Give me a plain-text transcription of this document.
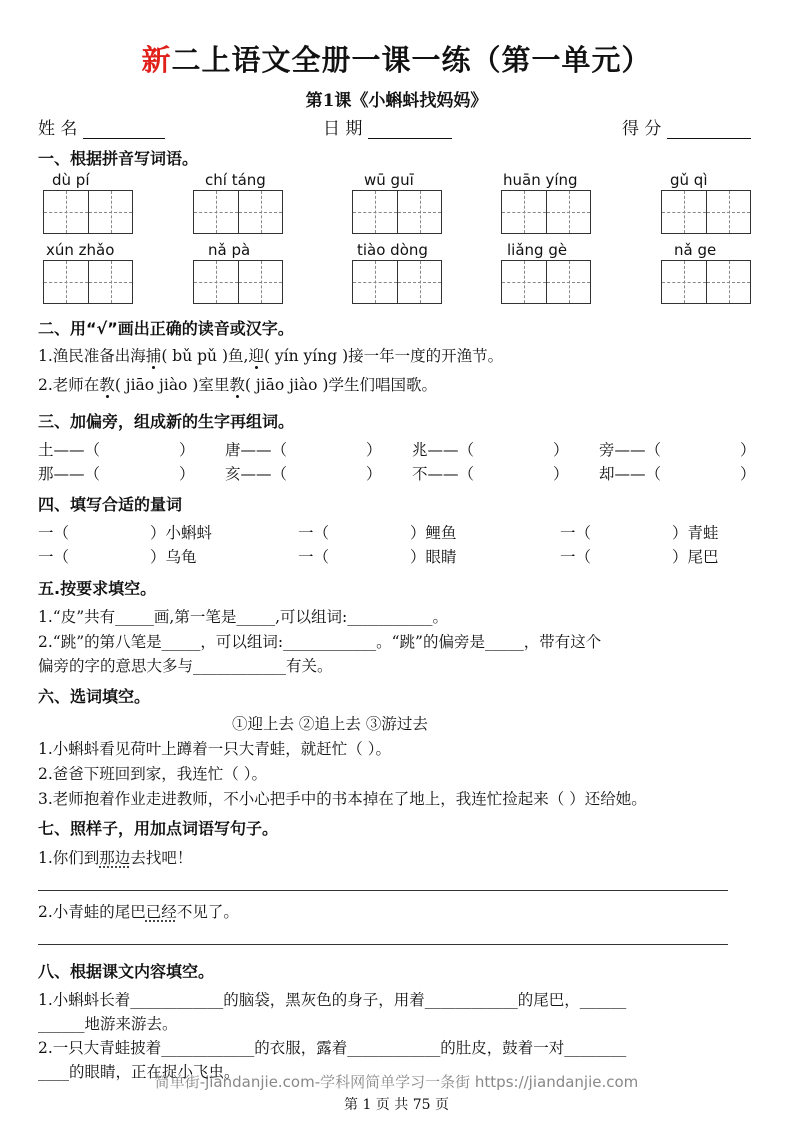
新二上语文全册一课一练（第一单元）
第1课《小蝌蚪找妈妈》
姓 名	日 期	得 分
一、根据拼音写词语。
dù pí	chí táng	wū guī	huān yíng	gǔ qì
xún zhǎo	nǎ pà	tiào dòng	liǎng gè	nǎ ge
二、用“√”画出正确的读音或汉字。
1.渔民准备出海捕( bǔ pǔ )鱼,迎( yín yíng )接一年一度的开渔节。
2.老师在教( jiāo jiào )室里教( jiāo jiào )学生们唱国歌。
三、加偏旁，组成新的生字再组词。
土——（	） 唐——（	） 兆——（	） 旁——（	）
那——（	） 亥——（	） 不——（	） 却——（	）
四、填写合适的量词
一（	）小蝌蚪	一（	）鲤鱼	一（	）青蛙
一（	）乌龟	一（	）眼睛	一（	）尾巴
五.按要求填空。
1.“皮”共有_____画,第一笔是_____,可以组词:___________。
2.“跳”的第八笔是_____，可以组词:____________。“跳”的偏旁是_____，带有这个
偏旁的字的意思大多与____________有关。
六、选词填空。
①迎上去 ②追上去 ③游过去
1.小蝌蚪看见荷叶上蹲着一只大青蛙，就赶忙（ ）。
2.爸爸下班回到家，我连忙（ ）。
3.老师抱着作业走进教师，不小心把手中的书本掉在了地上，我连忙捡起来（ ）还给她。
七、照样子，用加点词语写句子。
1.你们到那边去找吧！
2.小青蛙的尾巴已经不见了。
八、根据课文内容填空。
1.小蝌蚪长着____________的脑袋，黑灰色的身子，用着____________的尾巴，______
______地游来游去。
2.一只大青蛙披着____________的衣服，露着____________的肚皮，鼓着一对________
____的眼睛，正在捉小飞虫。
简单街-jiandanjie.com-学科网简单学习一条街 https://jiandanjie.com
第 1 页 共 75 页
